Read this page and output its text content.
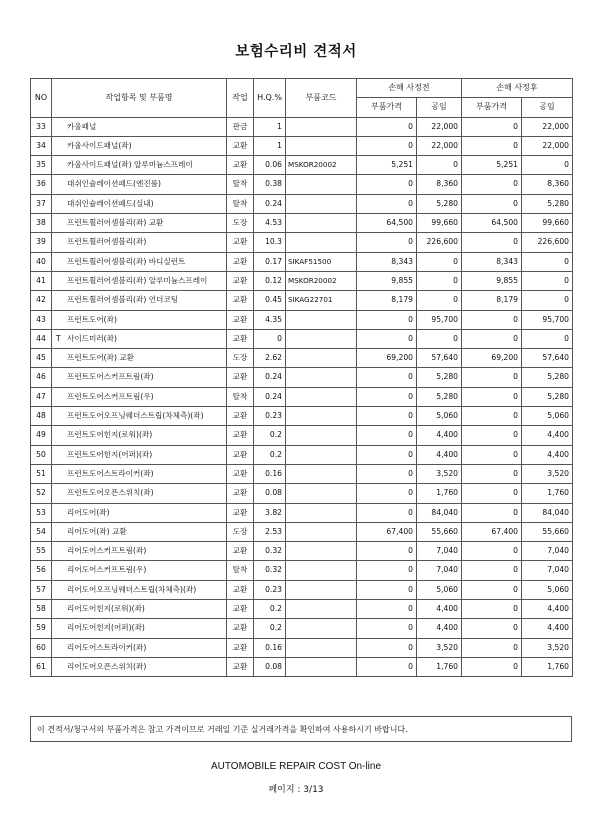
보험수리비 견적서
NO	작업항목 및 부품명	작업	H.Q.%	부품코드	손해 사정전		손해 사정후	
					부품가격	공임	부품가격	공임
33	카울패널	판금	1		0	22,000	0	22,000
34	카울사이드패널(좌)	교환	1		0	22,000	0	22,000
35	카울사이드패널(좌) 알루미늄스프레이	교환	0.06	MSKOR20002	5,251	0	5,251	0
36	대쉬인슐레이션패드(엔진룸)	탈착	0.38		0	8,360	0	8,360
37	대쉬인슐레이션패드(실내)	탈착	0.24		0	5,280	0	5,280
38	프런트휠러어셈블리(좌) 교환	도장	4.53		64,500	99,660	64,500	99,660
39	프런트휠러어셈블리(좌)	교환	10.3		0	226,600	0	226,600
40	프런트휠러어셈블리(좌) 바디실런트	교환	0.17	SIKAF51500	8,343	0	8,343	0
41	프런트휠러어셈블리(좌) 알루미늄스프레이	교환	0.12	MSKOR20002	9,855	0	9,855	0
42	프런트휠러어셈블리(좌) 언더코팅	교환	0.45	SIKAG22701	8,179	0	8,179	0
43	프런트도어(좌)	교환	4.35		0	95,700	0	95,700
44	T 사이드미러(좌)	교환	0		0	0	0	0
45	프런트도어(좌) 교환	도장	2.62		69,200	57,640	69,200	57,640
46	프런트도어스커프트림(좌)	교환	0.24		0	5,280	0	5,280
47	프런트도어스커프트림(우)	탈착	0.24		0	5,280	0	5,280
48	프런트도어오프닝웨더스트립(차체측)(좌)	교환	0.23		0	5,060	0	5,060
49	프런트도어힌지(로워)(좌)	교환	0.2		0	4,400	0	4,400
50	프런트도어힌지(어퍼)(좌)	교환	0.2		0	4,400	0	4,400
51	프런트도어스트라이커(좌)	교환	0.16		0	3,520	0	3,520
52	프런트도어오픈스위치(좌)	교환	0.08		0	1,760	0	1,760
53	리어도어(좌)	교환	3.82		0	84,040	0	84,040
54	리어도어(좌) 교환	도장	2.53		67,400	55,660	67,400	55,660
55	리어도어스커프트림(좌)	교환	0.32		0	7,040	0	7,040
56	리어도어스커프트림(우)	탈착	0.32		0	7,040	0	7,040
57	리어도어오프닝웨더스트립(차체측)(좌)	교환	0.23		0	5,060	0	5,060
58	리어도어힌지(로워)(좌)	교환	0.2		0	4,400	0	4,400
59	리어도어힌지(어퍼)(좌)	교환	0.2		0	4,400	0	4,400
60	리어도어스트라이커(좌)	교환	0.16		0	3,520	0	3,520
61	리어도어오픈스위치(좌)	교환	0.08		0	1,760	0	1,760
이 견적서/청구서의 부품가격은 참고 가격이므로 거래일 기준 실거래가격을 확인하여 사용하시기 바랍니다.
AUTOMOBILE REPAIR COST On-line
페이지 : 3/13
